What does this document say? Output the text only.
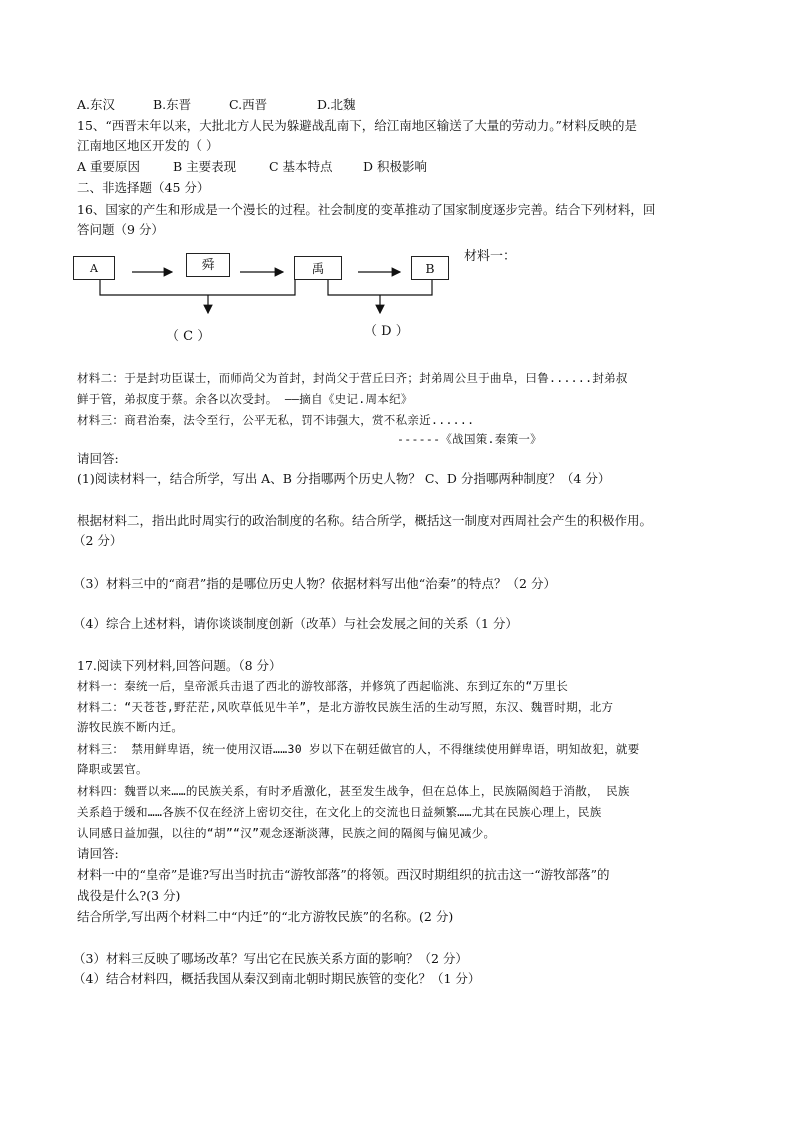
A.东汉	B.东晋	C.西晋	D.北魏
15、“西晋末年以来，大批北方人民为躲避战乱南下，给江南地区输送了大量的劳动力。”材料反映的是
江南地区地区开发的（ ）
A 重要原因	B 主要表现	C 基本特点 D 积极影响
二、非选择题（45 分）
16、国家的产生和形成是一个漫长的过程。社会制度的变革推动了国家制度逐步完善。结合下列材料，回
答问题（9 分）
A	舜	禹	B
材料一：
（ C ）	（ D ）
材料二：于是封功臣谋士，而师尚父为首封，封尚父于营丘曰齐；封弟周公旦于曲阜，曰鲁......封弟叔
鲜于管，弟叔度于蔡。余各以次受封。 ——摘自《史记.周本纪》
材料三：商君治秦，法令至行，公平无私，罚不讳强大，赏不私亲近......
------《战国策.秦策一》
请回答:
(1)阅读材料一，结合所学，写出 A、B 分指哪两个历史人物？ C、D 分指哪两种制度？（4 分）
根据材料二，指出此时周实行的政治制度的名称。结合所学，概括这一制度对西周社会产生的积极作用。
（2 分）
（3）材料三中的“商君”指的是哪位历史人物？依据材料写出他“治秦”的特点？（2 分）
（4）综合上述材料，请你谈谈制度创新（改革）与社会发展之间的关系（1 分）
17.阅读下列材料,回答问题。（8 分）
材料一：秦统一后，皇帝派兵击退了西北的游牧部落，并修筑了西起临洮、东到辽东的“万里长
材料二：“天苍苍,野茫茫,风吹草低见牛羊”，是北方游牧民族生活的生动写照，东汉、魏晋时期，北方
游牧民族不断内迁。
材料三： 禁用鲜卑语，统一使用汉语……30 岁以下在朝廷做官的人，不得继续使用鲜卑语，明知故犯，就要
降职或罢官。
材料四：魏晋以来……的民族关系，有时矛盾激化，甚至发生战争，但在总体上，民族隔阂趋于消散， 民族
关系趋于缓和……各族不仅在经济上密切交往，在文化上的交流也日益频繁……尤其在民族心理上，民族
认同感日益加强，以往的“胡”“汉”观念逐渐淡薄，民族之间的隔阂与偏见减少。
请回答:
材料一中的“皇帝”是谁?写出当时抗击“游牧部落”的将领。西汉时期组织的抗击这一“游牧部落”的
战役是什么?(3 分)
结合所学,写出两个材料二中“内迁”的“北方游牧民族”的名称。(2 分)
（3）材料三反映了哪场改革？写出它在民族关系方面的影响？（2 分）
（4）结合材料四，概括我国从秦汉到南北朝时期民族管的变化？（1 分）
